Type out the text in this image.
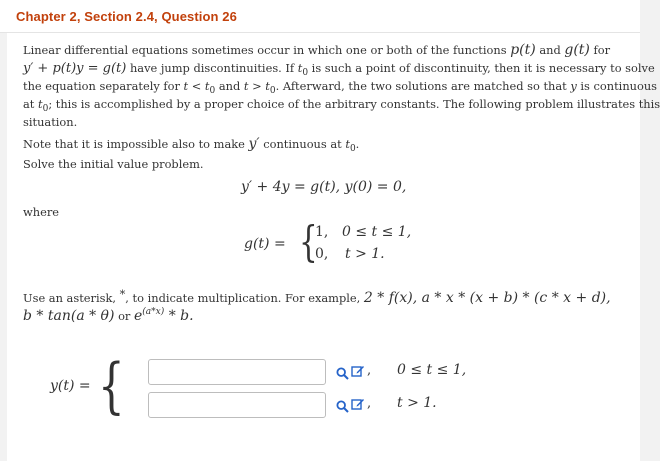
Chapter 2, Section 2.4, Question 26
Linear differential equations sometimes occur in which one or both of the functions p(t) and g(t) for
y′ + p(t)y = g(t) have jump discontinuities. If $t_0$ is such a point of discontinuity, then it is necessary to solve
the equation separately for $t < t_0$ and $t > t_0$. Afterward, the two solutions are matched so that y is continuous
at $t_0$; this is accomplished by a proper choice of the arbitrary constants. The following problem illustrates this
situation.
Note that it is impossible also to make y′ continuous at $t_0$.
Solve the initial value problem.
y′ + 4y = g(t), y(0) = 0,
where
g(t) = {
1, 0 ≤ t ≤ 1,
0, t > 1.
Use an asterisk, *, to indicate multiplication. For example, 2 * f(x), a * x * (x + b) * (c * x + d),
b * tan(a * θ) or $e^{(a*x)}$ * b.
y(t) = {	, 0 ≤ t ≤ 1,
, t > 1.
